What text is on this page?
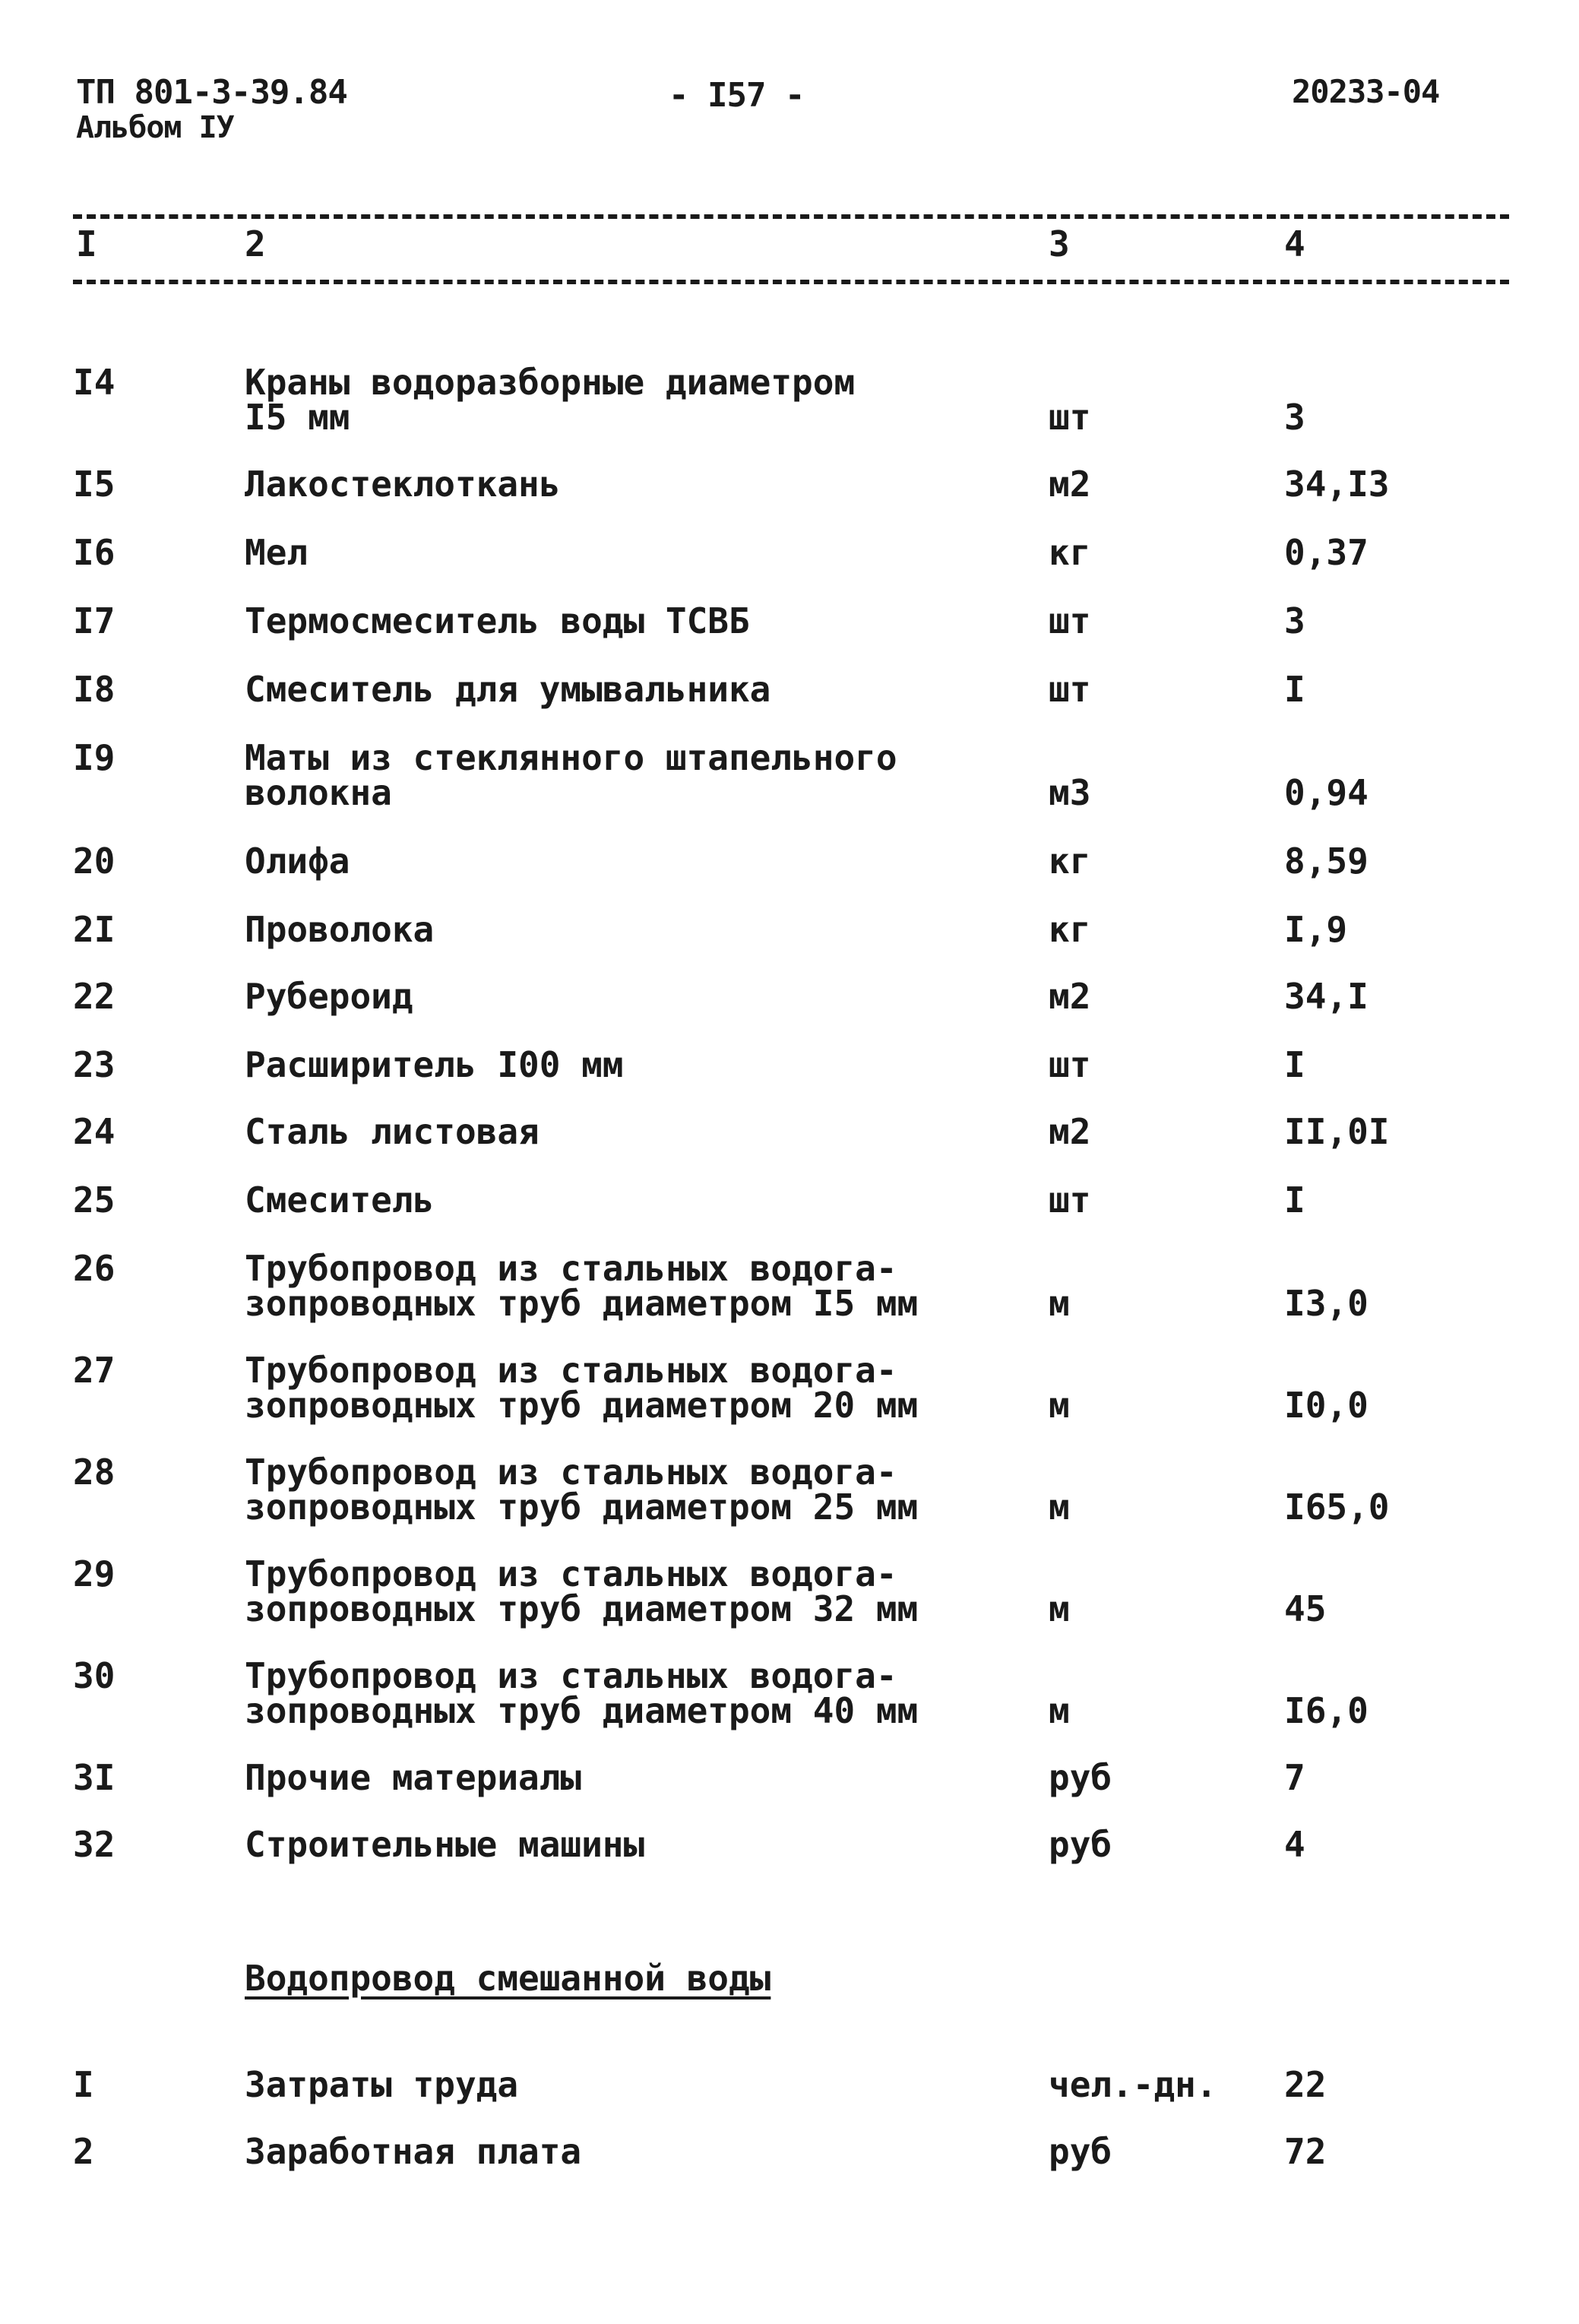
ТП 801-3-39.84
Альбом IУ
- I57 -	20233-04
I	2	3	4
I4	Краны водоразборные диаметром
I5 мм	шт	3
I5	Лакостеклоткань	м2	34,I3
I6	Мел	кг	0,37
I7	Термосмеситель воды ТСВБ	шт	3
I8	Смеситель для умывальника	шт	I
I9	Маты из стеклянного штапельного
волокна	м3	0,94
20	Олифа	кг	8,59
2I	Проволока	кг	I,9
22	Рубероид	м2	34,I
23	Расширитель I00 мм	шт	I
24	Сталь листовая	м2	II,0I
25	Смеситель	шт	I
26	Трубопровод из стальных водога-
зопроводных труб диаметром I5 мм	м	I3,0
27	Трубопровод из стальных водога-
зопроводных труб диаметром 20 мм	м	I0,0
28	Трубопровод из стальных водога-
зопроводных труб диаметром 25 мм	м	I65,0
29	Трубопровод из стальных водога-
зопроводных труб диаметром 32 мм	м	45
30	Трубопровод из стальных водога-
зопроводных труб диаметром 40 мм	м	I6,0
3I	Прочие материалы	руб	7
32	Строительные машины	руб	4
Водопровод смешанной воды
I	Затраты труда	чел.-дн. 22
2	Заработная плата	руб	72
